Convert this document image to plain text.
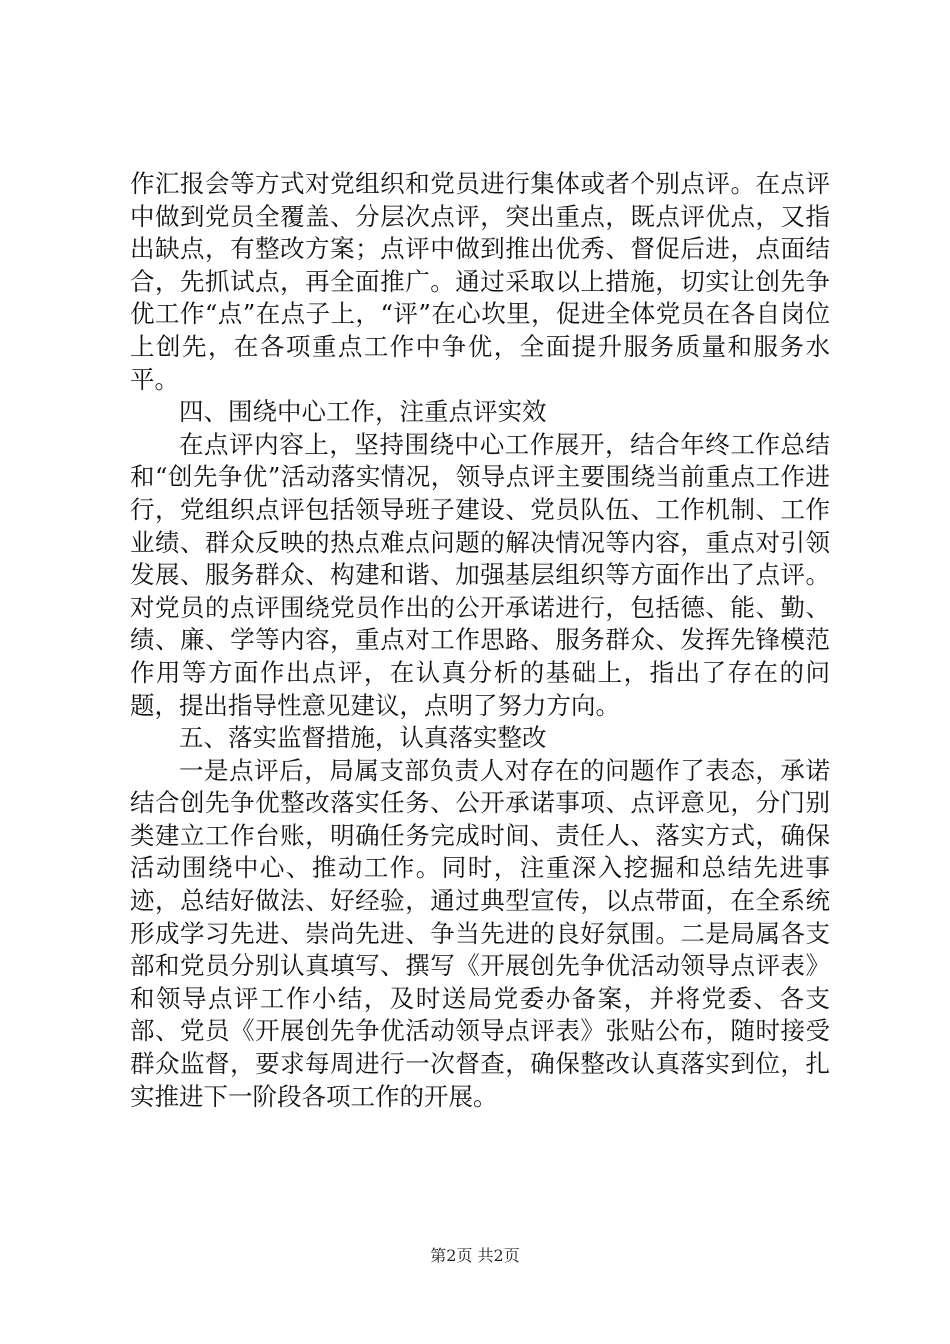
作汇报会等方式对党组织和党员进行集体或者个别点评。在点评中做到党员全覆盖、分层次点评，突出重点，既点评优点，又指出缺点，有整改方案；点评中做到推出优秀、督促后进，点面结合，先抓试点，再全面推广。通过采取以上措施，切实让创先争优工作“点”在点子上，“评”在心坎里，促进全体党员在各自岗位上创先，在各项重点工作中争优，全面提升服务质量和服务水平。

四、围绕中心工作，注重点评实效

在点评内容上，坚持围绕中心工作展开，结合年终工作总结和“创先争优”活动落实情况，领导点评主要围绕当前重点工作进行，党组织点评包括领导班子建设、党员队伍、工作机制、工作业绩、群众反映的热点难点问题的解决情况等内容，重点对引领发展、服务群众、构建和谐、加强基层组织等方面作出了点评。对党员的点评围绕党员作出的公开承诺进行，包括德、能、勤、绩、廉、学等内容，重点对工作思路、服务群众、发挥先锋模范作用等方面作出点评，在认真分析的基础上，指出了存在的问题，提出指导性意见建议，点明了努力方向。

五、落实监督措施，认真落实整改

一是点评后，局属支部负责人对存在的问题作了表态，承诺结合创先争优整改落实任务、公开承诺事项、点评意见，分门别类建立工作台账，明确任务完成时间、责任人、落实方式，确保活动围绕中心、推动工作。同时，注重深入挖掘和总结先进事迹，总结好做法、好经验，通过典型宣传，以点带面，在全系统形成学习先进、崇尚先进、争当先进的良好氛围。二是局属各支部和党员分别认真填写、撰写《开展创先争优活动领导点评表》和领导点评工作小结，及时送局党委办备案，并将党委、各支部、党员《开展创先争优活动领导点评表》张贴公布，随时接受群众监督，要求每周进行一次督查，确保整改认真落实到位，扎实推进下一阶段各项工作的开展。

第2页 共2页
